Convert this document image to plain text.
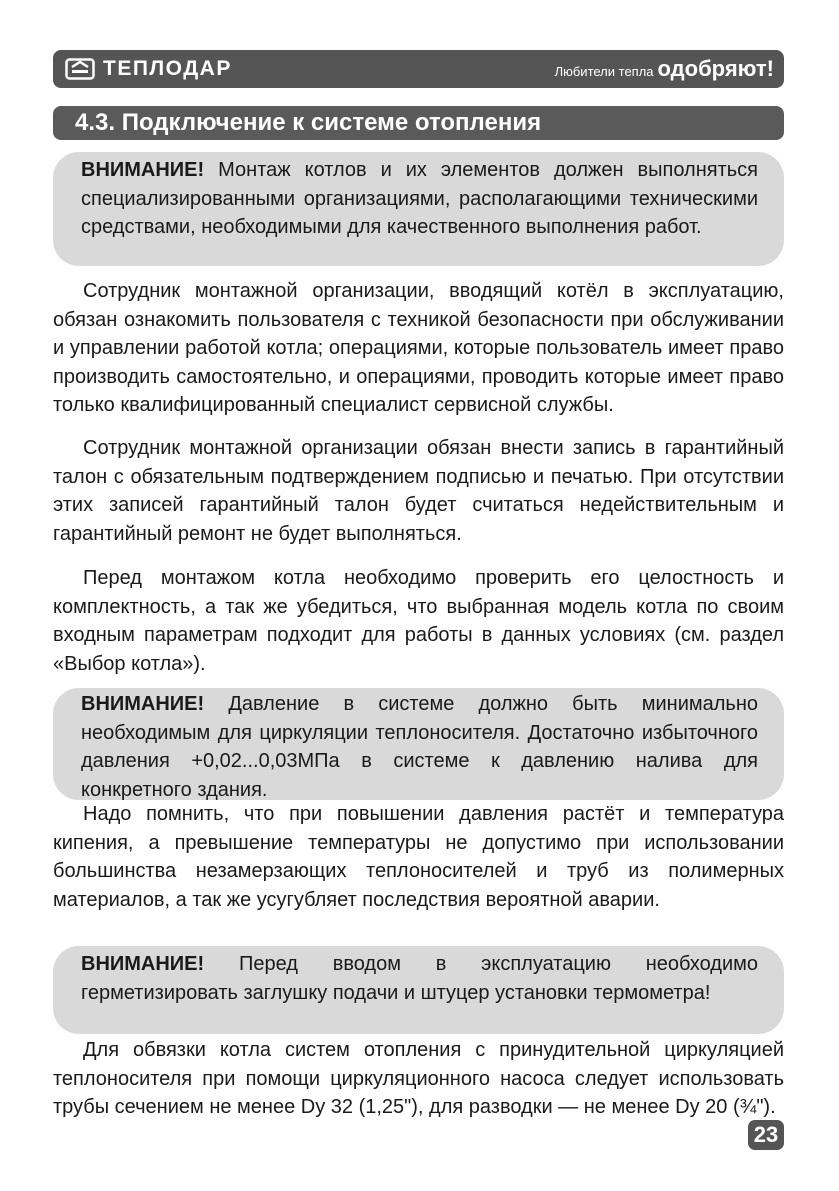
ТЕПЛОДАР	Любители тепла одобряют!
4.3. Подключение к системе отопления
ВНИМАНИЕ! Монтаж котлов и их элементов должен выполняться специализированными организациями, располагающими техническими средствами, необходимыми для качественного выполнения работ.

Сотрудник монтажной организации, вводящий котёл в эксплуатацию, обязан ознакомить пользователя с техникой безопасности при обслуживании и управлении работой котла; операциями, которые пользователь имеет право производить самостоятельно, и операциями, проводить которые имеет право только квалифицированный специалист сервисной службы.

Сотрудник монтажной организации обязан внести запись в гарантийный талон с обязательным подтверждением подписью и печатью. При отсутствии этих записей гарантийный талон будет считаться недействительным и гарантийный ремонт не будет выполняться.

Перед монтажом котла необходимо проверить его целостность и комплектность, а так же убедиться, что выбранная модель котла по своим входным параметрам подходит для работы в данных условиях (см. раздел «Выбор котла»).

ВНИМАНИЕ! Давление в системе должно быть минимально необходимым для циркуляции теплоносителя. Достаточно избыточного давления +0,02...0,03МПа в системе к давлению налива для конкретного здания.

Надо помнить, что при повышении давления растёт и температура кипения, а превышение температуры не допустимо при использовании большинства незамерзающих теплоносителей и труб из полимерных материалов, а так же усугубляет последствия вероятной аварии.

ВНИМАНИЕ! Перед вводом в эксплуатацию необходимо герметизировать заглушку подачи и штуцер установки термометра!

Для обвязки котла систем отопления с принудительной циркуляцией теплоносителя при помощи циркуляционного насоса следует использовать трубы сечением не менее Dy 32 (1,25"), для разводки — не менее Dy 20 (¾").

23
